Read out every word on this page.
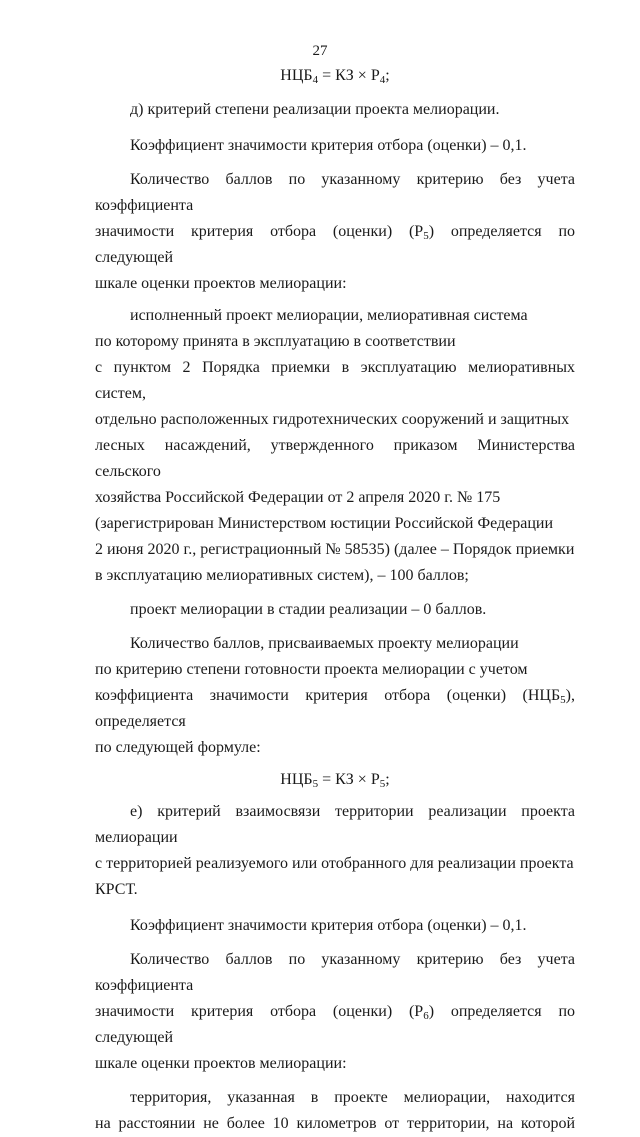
27

$НЦБ_4$ = КЗ × $Р_4$;

д) критерий степени реализации проекта мелиорации.

Коэффициент значимости критерия отбора (оценки) – 0,1.

Количество баллов по указанному критерию без учета коэффициента
значимости критерия отбора (оценки) $(Р_5)$ определяется по следующей
шкале оценки проектов мелиорации:

исполненный проект мелиорации, мелиоративная система
по которому принята в эксплуатацию в соответствии
с пунктом 2 Порядка приемки в эксплуатацию мелиоративных систем,
отдельно расположенных гидротехнических сооружений и защитных
лесных насаждений, утвержденного приказом Министерства сельского
хозяйства Российской Федерации от 2 апреля 2020 г. № 175
(зарегистрирован Министерством юстиции Российской Федерации
2 июня 2020 г., регистрационный № 58535) (далее – Порядок приемки
в эксплуатацию мелиоративных систем), – 100 баллов;

проект мелиорации в стадии реализации – 0 баллов.

Количество баллов, присваиваемых проекту мелиорации
по критерию степени готовности проекта мелиорации с учетом
коэффициента значимости критерия отбора (оценки) $(НЦБ_5)$, определяется
по следующей формуле:

$НЦБ_5$ = КЗ × $Р_5$;

е) критерий взаимосвязи территории реализации проекта мелиорации
с территорией реализуемого или отобранного для реализации проекта
КРСТ.

Коэффициент значимости критерия отбора (оценки) – 0,1.

Количество баллов по указанному критерию без учета коэффициента
значимости критерия отбора (оценки) $(Р_6)$ определяется по следующей
шкале оценки проектов мелиорации:

территория, указанная в проекте мелиорации, находится
на расстоянии не более 10 километров от территории, на которой
